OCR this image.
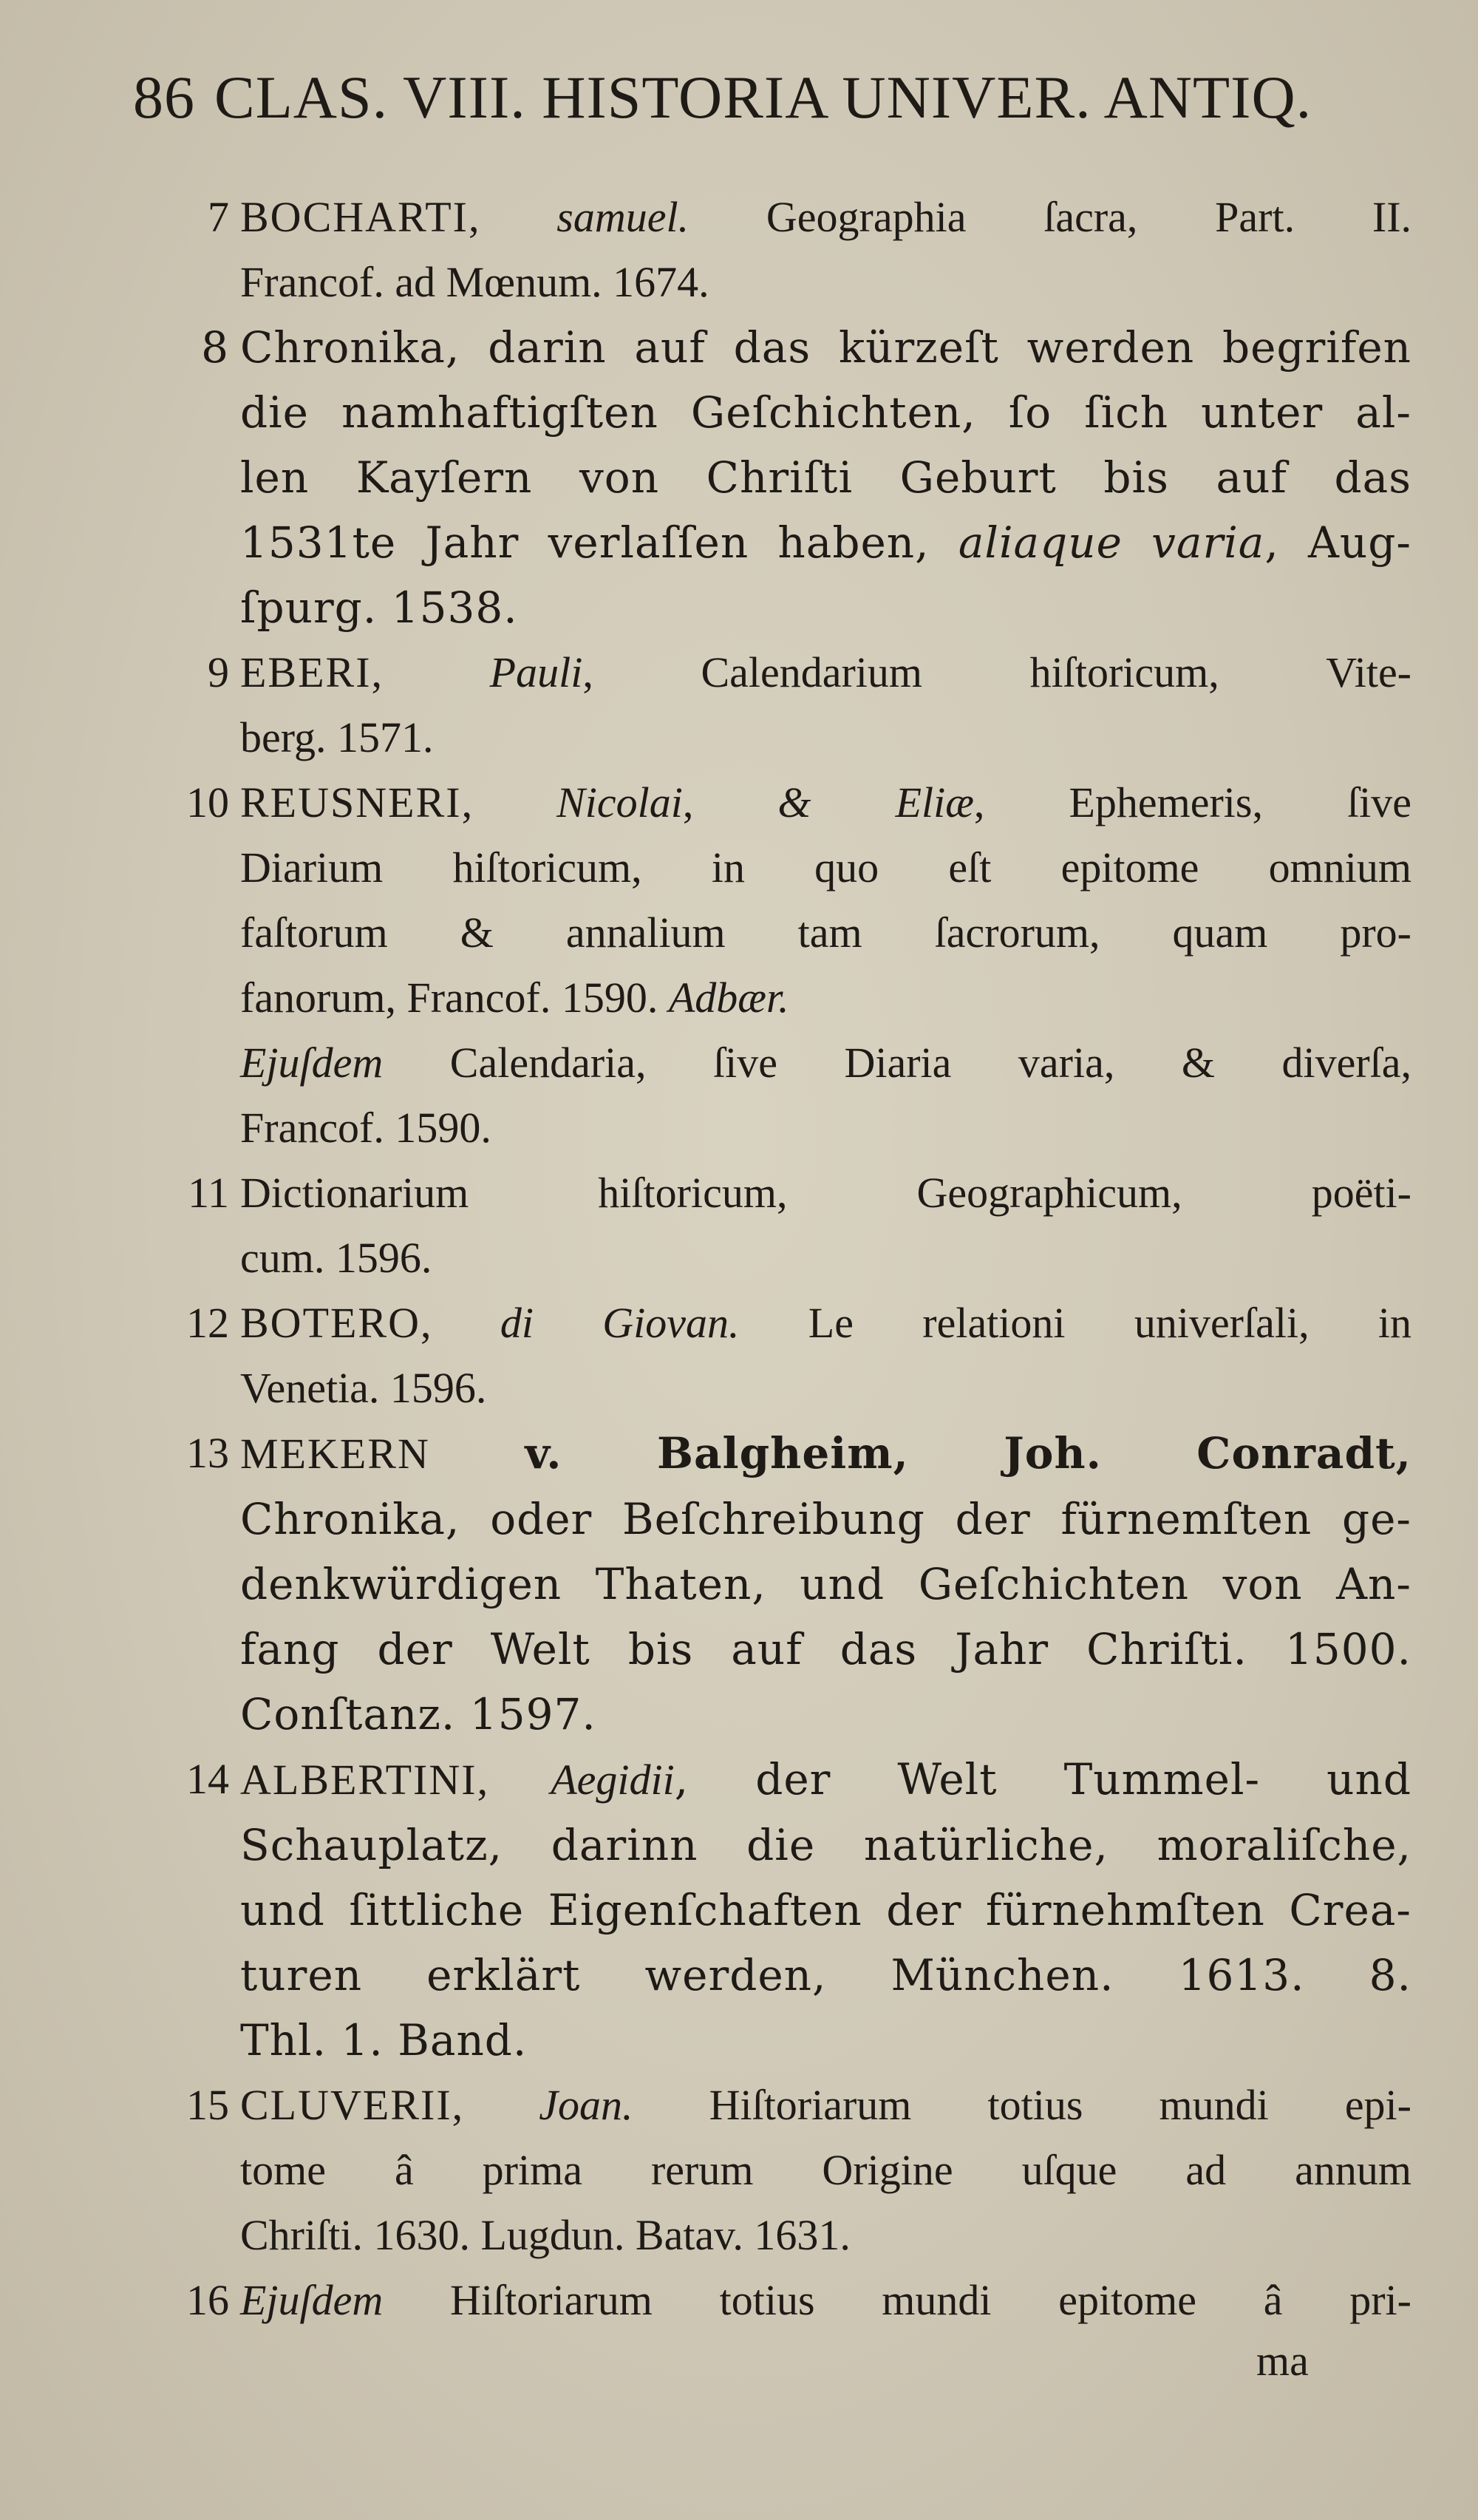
86 CLAS. VIII. HISTORIA UNIVER. ANTIQ.
7 BOCHARTI, samuel. Geographia ſacra, Part. II.
Francof. ad Mœnum. 1674.
8 Chronika, darin auf das kürzeſt werden begrifen
die namhaftigſten Geſchichten, ſo ſich unter al-
len Kayſern von Chriſti Geburt bis auf das
1531te Jahr verlaſſen haben, aliaque varia, Aug-
ſpurg. 1538.
9 EBERI, Pauli, Calendarium hiſtoricum, Vite-
berg. 1571.
10 REUSNERI, Nicolai, & Eliæ, Ephemeris, ſive
Diarium hiſtoricum, in quo eſt epitome omnium
faſtorum & annalium tam ſacrorum, quam pro-
fanorum, Francof. 1590. Adbær.
Ejuſdem Calendaria, ſive Diaria varia, & diverſa,
Francof. 1590.
11 Dictionarium hiſtoricum, Geographicum, poëti-
cum. 1596.
12 BOTERO, di Giovan. Le relationi univerſali, in
Venetia. 1596.
13 MEKERN v. Balgheim, Joh. Conradt,
Chronika, oder Beſchreibung der fürnemſten ge-
denkwürdigen Thaten, und Geſchichten von An-
fang der Welt bis auf das Jahr Chriſti. 1500.
Conſtanz. 1597.
14 ALBERTINI, Aegidii, der Welt Tummel- und
Schauplatz, darinn die natürliche, moraliſche,
und ſittliche Eigenſchaften der fürnehmſten Crea-
turen erklärt werden, München. 1613. 8.
Thl. 1. Band.
15 CLUVERII, Joan. Hiſtoriarum totius mundi epi-
tome â prima rerum Origine uſque ad annum
Chriſti. 1630. Lugdun. Batav. 1631.
16 Ejuſdem Hiſtoriarum totius mundi epitome â pri-
ma
